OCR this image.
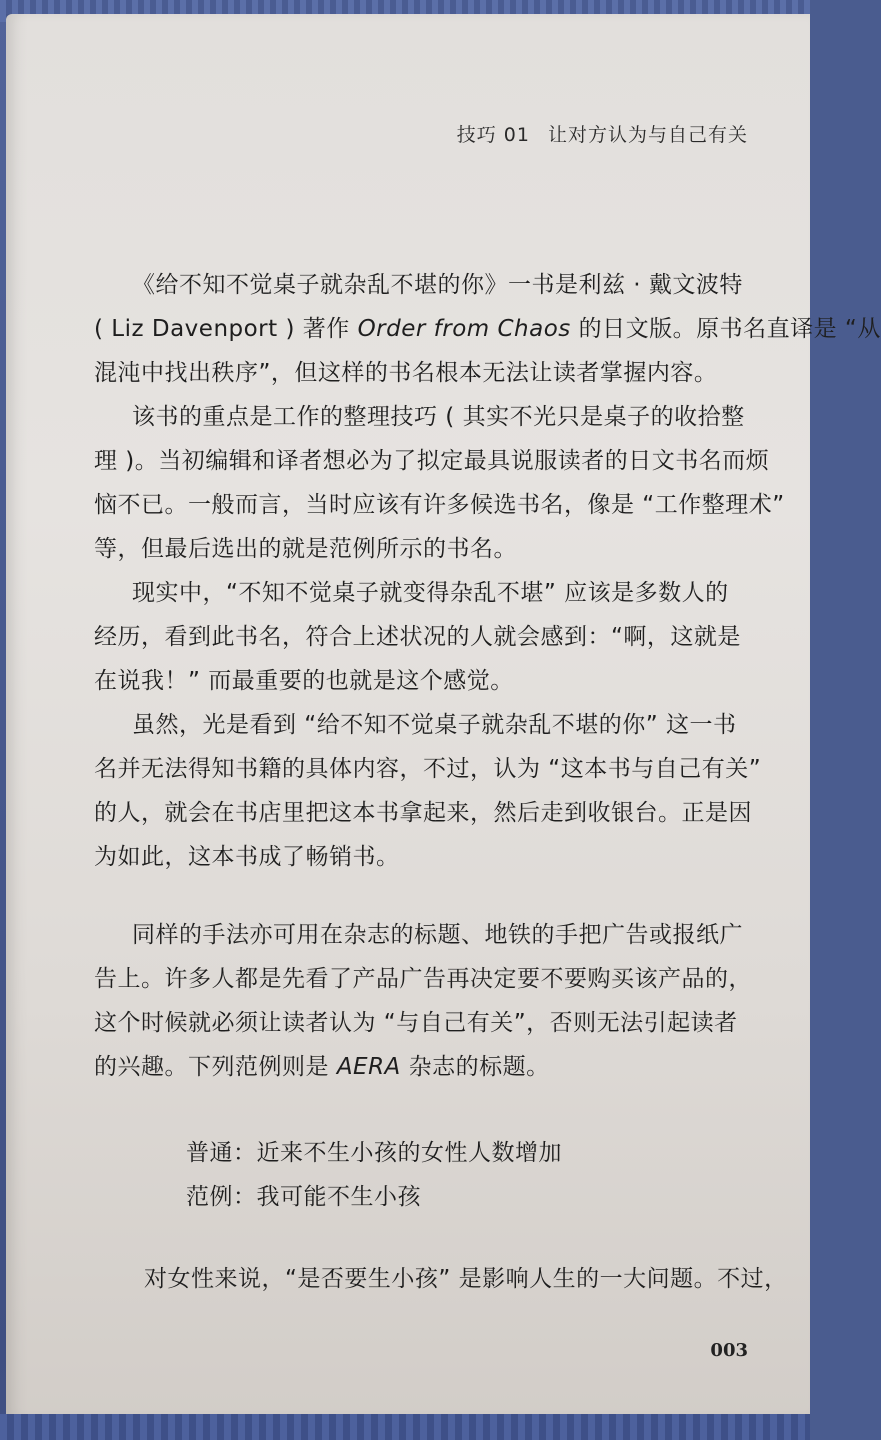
技巧 01 让对方认为与自己有关
《给不知不觉桌子就杂乱不堪的你》一书是利兹 · 戴文波特
( Liz Davenport ) 著作 Order from Chaos 的日文版。原书名直译是 “从
混沌中找出秩序”，但这样的书名根本无法让读者掌握内容。
该书的重点是工作的整理技巧 ( 其实不光只是桌子的收拾整
理 )。当初编辑和译者想必为了拟定最具说服读者的日文书名而烦
恼不已。一般而言，当时应该有许多候选书名，像是 “工作整理术”
等，但最后选出的就是范例所示的书名。
现实中，“不知不觉桌子就变得杂乱不堪” 应该是多数人的
经历，看到此书名，符合上述状况的人就会感到：“啊，这就是
在说我！” 而最重要的也就是这个感觉。
虽然，光是看到 “给不知不觉桌子就杂乱不堪的你” 这一书
名并无法得知书籍的具体内容，不过，认为 “这本书与自己有关”
的人，就会在书店里把这本书拿起来，然后走到收银台。正是因
为如此，这本书成了畅销书。
同样的手法亦可用在杂志的标题、地铁的手把广告或报纸广
告上。许多人都是先看了产品广告再决定要不要购买该产品的，
这个时候就必须让读者认为 “与自己有关”，否则无法引起读者
的兴趣。下列范例则是 AERA 杂志的标题。
普通：近来不生小孩的女性人数增加
范例：我可能不生小孩
对女性来说，“是否要生小孩” 是影响人生的一大问题。不过，
003
